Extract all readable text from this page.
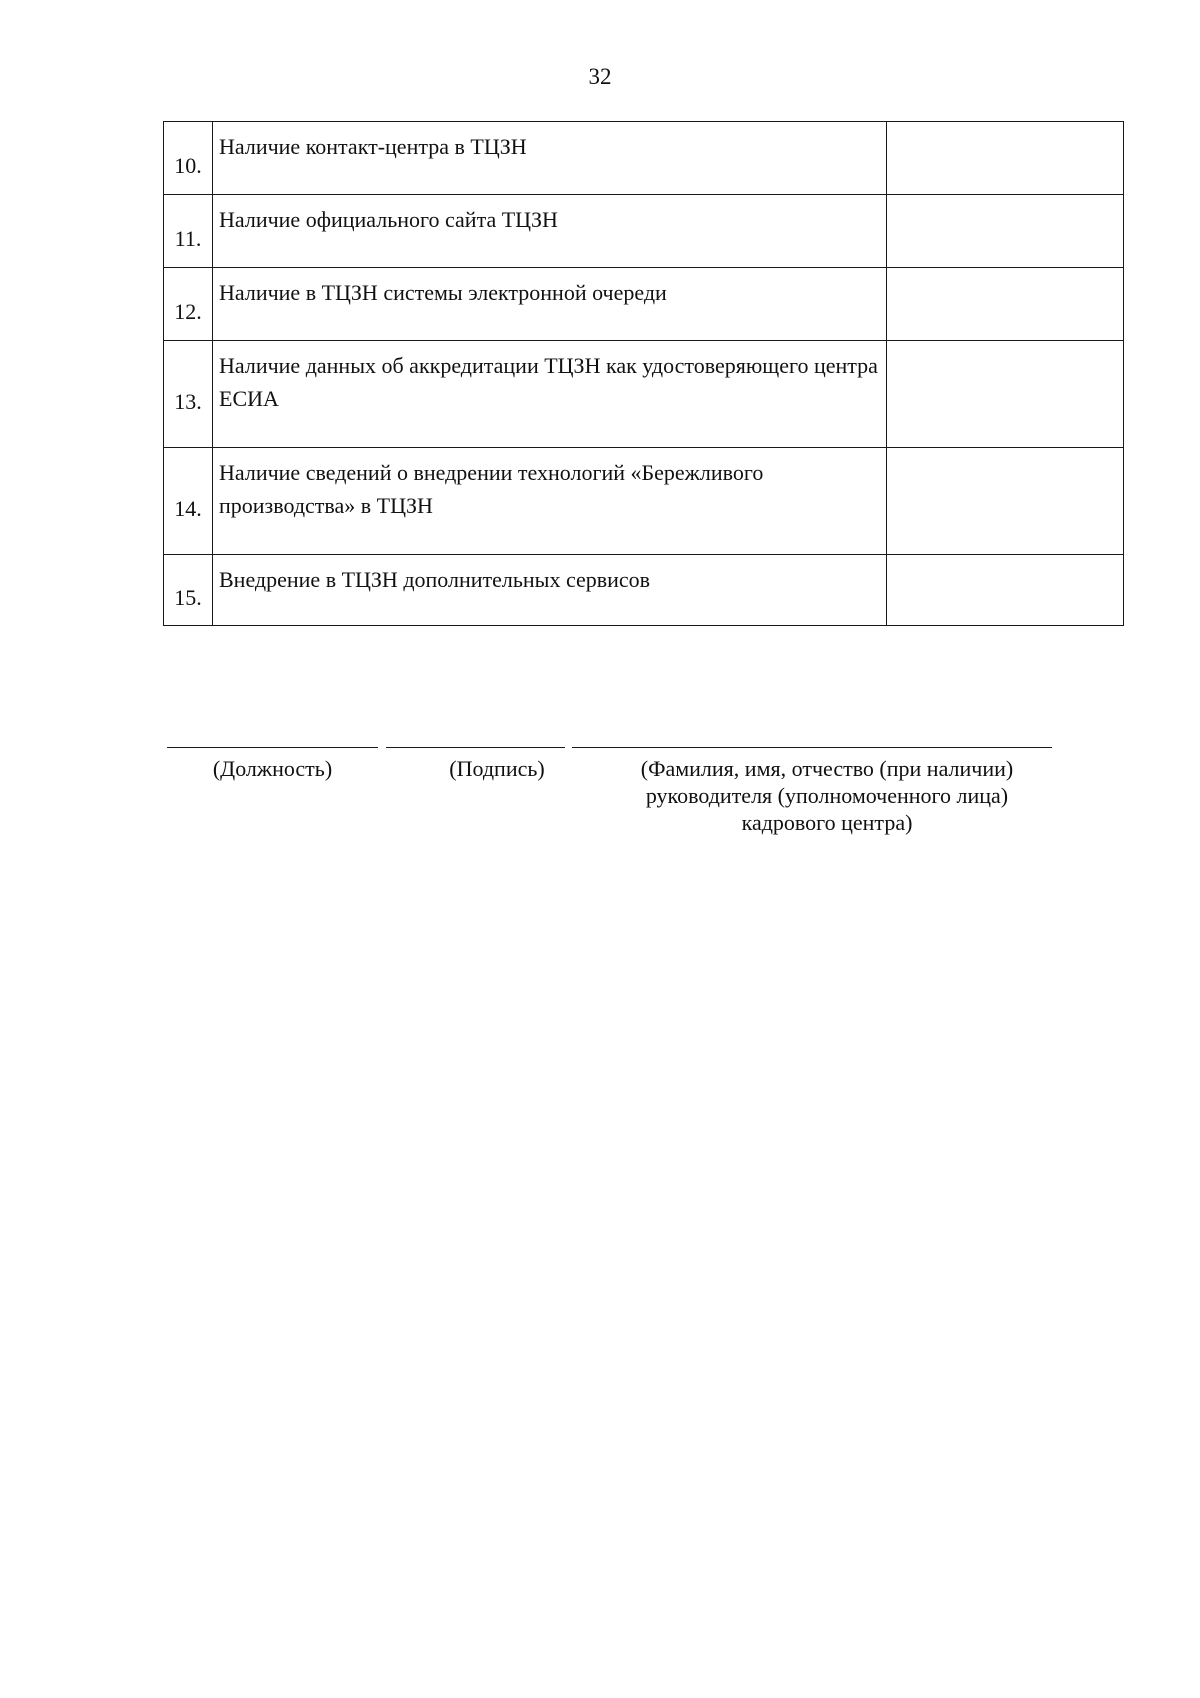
32
10.	Наличие контакт-центра в ТЦЗН	
11.	Наличие официального сайта ТЦЗН	
12.	Наличие в ТЦЗН системы электронной очереди	
13.	Наличие данных об аккредитации ТЦЗН как удостоверяющего центра ЕСИА	
14.	Наличие сведений о внедрении технологий «Бережливого производства» в ТЦЗН	
15.	Внедрение в ТЦЗН дополнительных сервисов	
(Должность)	(Подпись)	(Фамилия, имя, отчество (при наличии)
руководителя (уполномоченного лица)
кадрового центра)
